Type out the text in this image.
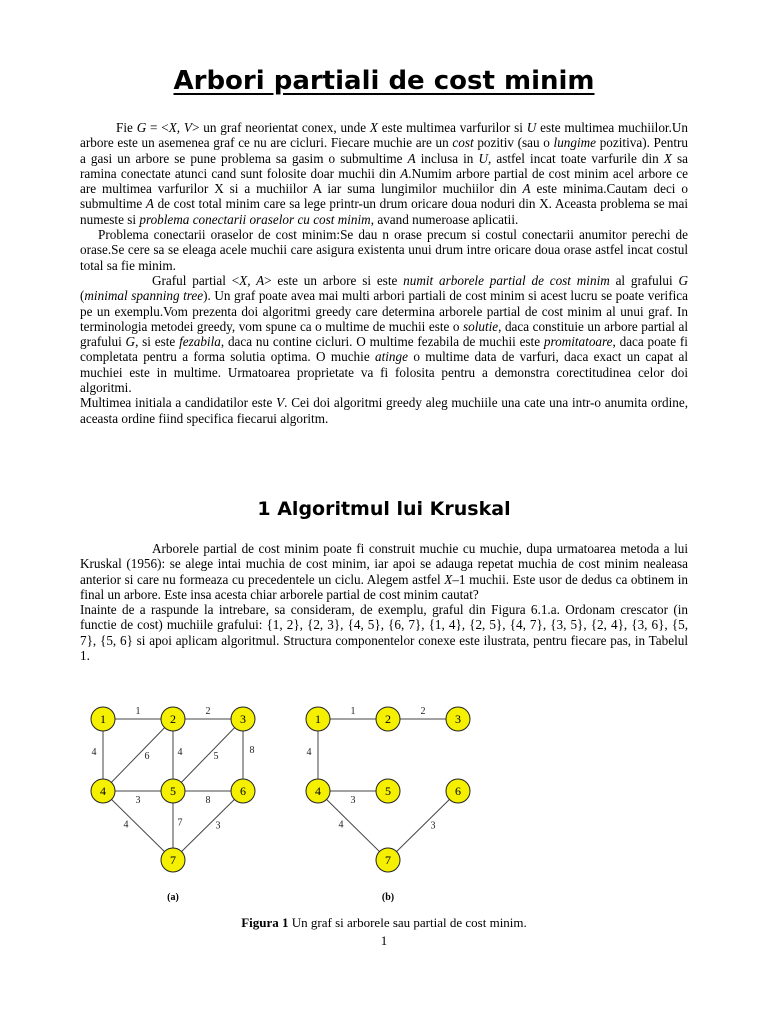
Arbori partiali de cost minim

Fie G = <X, V> un graf neorientat conex, unde X este multimea varfurilor si U este multimea muchiilor.Un arbore este un asemenea graf ce nu are cicluri. Fiecare muchie are un cost pozitiv (sau o lungime pozitiva). Pentru a gasi un arbore se pune problema sa gasim o submultime A inclusa in U, astfel incat toate varfurile din X sa ramina conectate atunci cand sunt folosite doar muchii din A.Numim arbore partial de cost minim acel arbore ce are multimea varfurilor X si a muchiilor A iar suma lungimilor muchiilor din A este minima.Cautam deci o submultime A de cost total minim care sa lege printr-un drum oricare doua noduri din X. Aceasta problema se mai numeste si problema conectarii oraselor cu cost minim, avand numeroase aplicatii.

Problema conectarii oraselor de cost minim:Se dau n orase precum si costul conectarii anumitor perechi de orase.Se cere sa se eleaga acele muchii care asigura existenta unui drum intre oricare doua orase astfel incat costul total sa fie minim.

Graful partial <X, A> este un arbore si este numit arborele partial de cost minim al grafului G (minimal spanning tree). Un graf poate avea mai multi arbori partiali de cost minim si acest lucru se poate verifica pe un exemplu.Vom prezenta doi algoritmi greedy care determina arborele partial de cost minim al unui graf. In terminologia metodei greedy, vom spune ca o multime de muchii este o solutie, daca constituie un arbore partial al grafului G, si este fezabila, daca nu contine cicluri. O multime fezabila de muchii este promitatoare, daca poate fi completata pentru a forma solutia optima. O muchie atinge o multime data de varfuri, daca exact un capat al muchiei este in multime. Urmatoarea proprietate va fi folosita pentru a demonstra corectitudinea celor doi algoritmi.

Multimea initiala a candidatilor este V. Cei doi algoritmi greedy aleg muchiile una cate una intr-o anumita ordine, aceasta ordine fiind specifica fiecarui algoritm.

1 Algoritmul lui Kruskal

Arborele partial de cost minim poate fi construit muchie cu muchie, dupa urmatoarea metoda a lui Kruskal (1956): se alege intai muchia de cost minim, iar apoi se adauga repetat muchia de cost minim nealeasa anterior si care nu formeaza cu precedentele un ciclu. Alegem astfel X–1 muchii. Este usor de dedus ca obtinem in final un arbore. Este insa acesta chiar arborele partial de cost minim cautat?

Inainte de a raspunde la intrebare, sa consideram, de exemplu, graful din Figura 6.1.a. Ordonam crescator (in functie de cost) muchiile grafului: {1, 2}, {2, 3}, {4, 5}, {6, 7}, {1, 4}, {2, 5}, {4, 7}, {3, 5}, {2, 4}, {3, 6}, {5, 7}, {5, 6} si apoi aplicam algoritmul. Structura componentelor conexe este ilustrata, pentru fiecare pas, in Tabelul 1.

1	2
4	6	4	5
8
3	8
4	7	3
1	2	3
4	5	6
7
(a)
1	2
4
3
4	3
1	2	3
4	5	6
7
(b)
Figura 1 Un graf si arborele sau partial de cost minim.
1
